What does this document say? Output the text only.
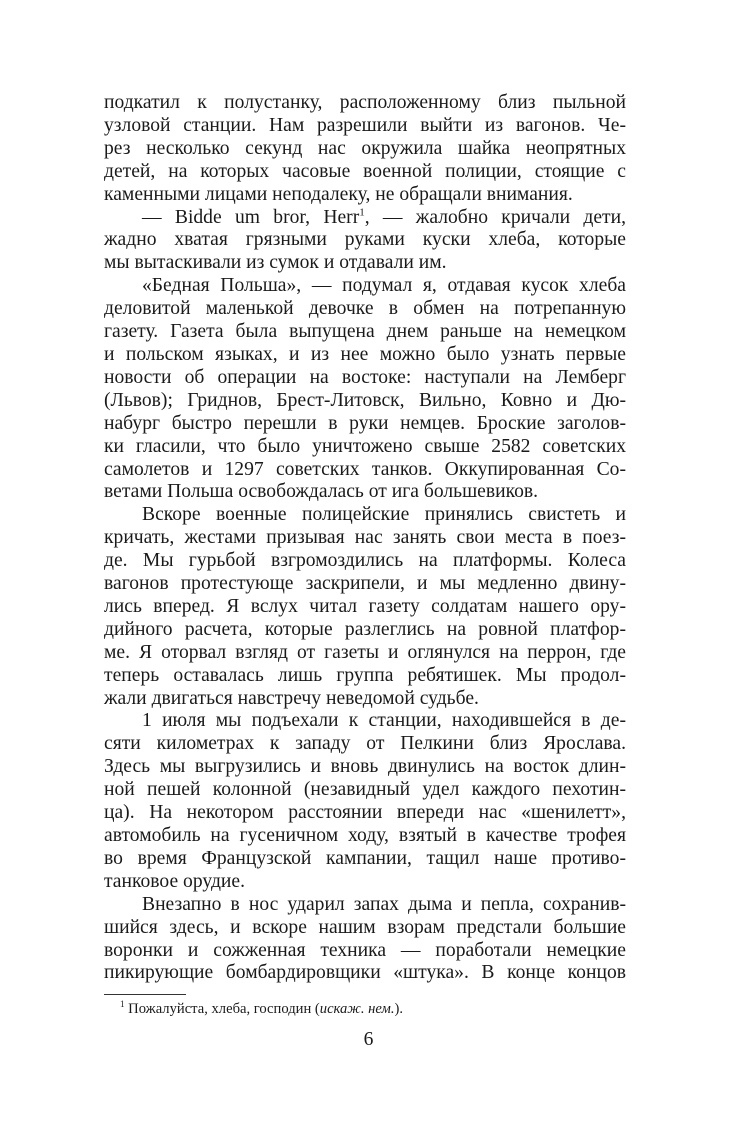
подкатил к полустанку, расположенному близ пыльной
узловой станции. Нам разрешили выйти из вагонов. Че-
рез несколько секунд нас окружила шайка неопрятных
детей, на которых часовые военной полиции, стоящие с
каменными лицами неподалеку, не обращали внимания.
— Bidde um bror, Herr$^1$, — жалобно кричали дети,
жадно хватая грязными руками куски хлеба, которые
мы вытаскивали из сумок и отдавали им.
«Бедная Польша», — подумал я, отдавая кусок хлеба
деловитой маленькой девочке в обмен на потрепанную
газету. Газета была выпущена днем раньше на немецком
и польском языках, и из нее можно было узнать первые
новости об операции на востоке: наступали на Лемберг
(Львов); Гриднов, Брест-Литовск, Вильно, Ковно и Дю-
набург быстро перешли в руки немцев. Броские заголов-
ки гласили, что было уничтожено свыше 2582 советских
самолетов и 1297 советских танков. Оккупированная Со-
ветами Польша освобождалась от ига большевиков.
Вскоре военные полицейские принялись свистеть и
кричать, жестами призывая нас занять свои места в поез-
де. Мы гурьбой взгромоздились на платформы. Колеса
вагонов протестующе заскрипели, и мы медленно двину-
лись вперед. Я вслух читал газету солдатам нашего ору-
дийного расчета, которые разлеглись на ровной платфор-
ме. Я оторвал взгляд от газеты и оглянулся на перрон, где
теперь оставалась лишь группа ребятишек. Мы продол-
жали двигаться навстречу неведомой судьбе.
1 июля мы подъехали к станции, находившейся в де-
сяти километрах к западу от Пелкини близ Ярослава.
Здесь мы выгрузились и вновь двинулись на восток длин-
ной пешей колонной (незавидный удел каждого пехотин-
ца). На некотором расстоянии впереди нас «шенилетт»,
автомобиль на гусеничном ходу, взятый в качестве трофея
во время Французской кампании, тащил наше противо-
танковое орудие.
Внезапно в нос ударил запах дыма и пепла, сохранив-
шийся здесь, и вскоре нашим взорам предстали большие
воронки и сожженная техника — поработали немецкие
пикирующие бомбардировщики «штука». В конце концов
$^1$ Пожалуйста, хлеба, господин (искаж. нем.).
6
